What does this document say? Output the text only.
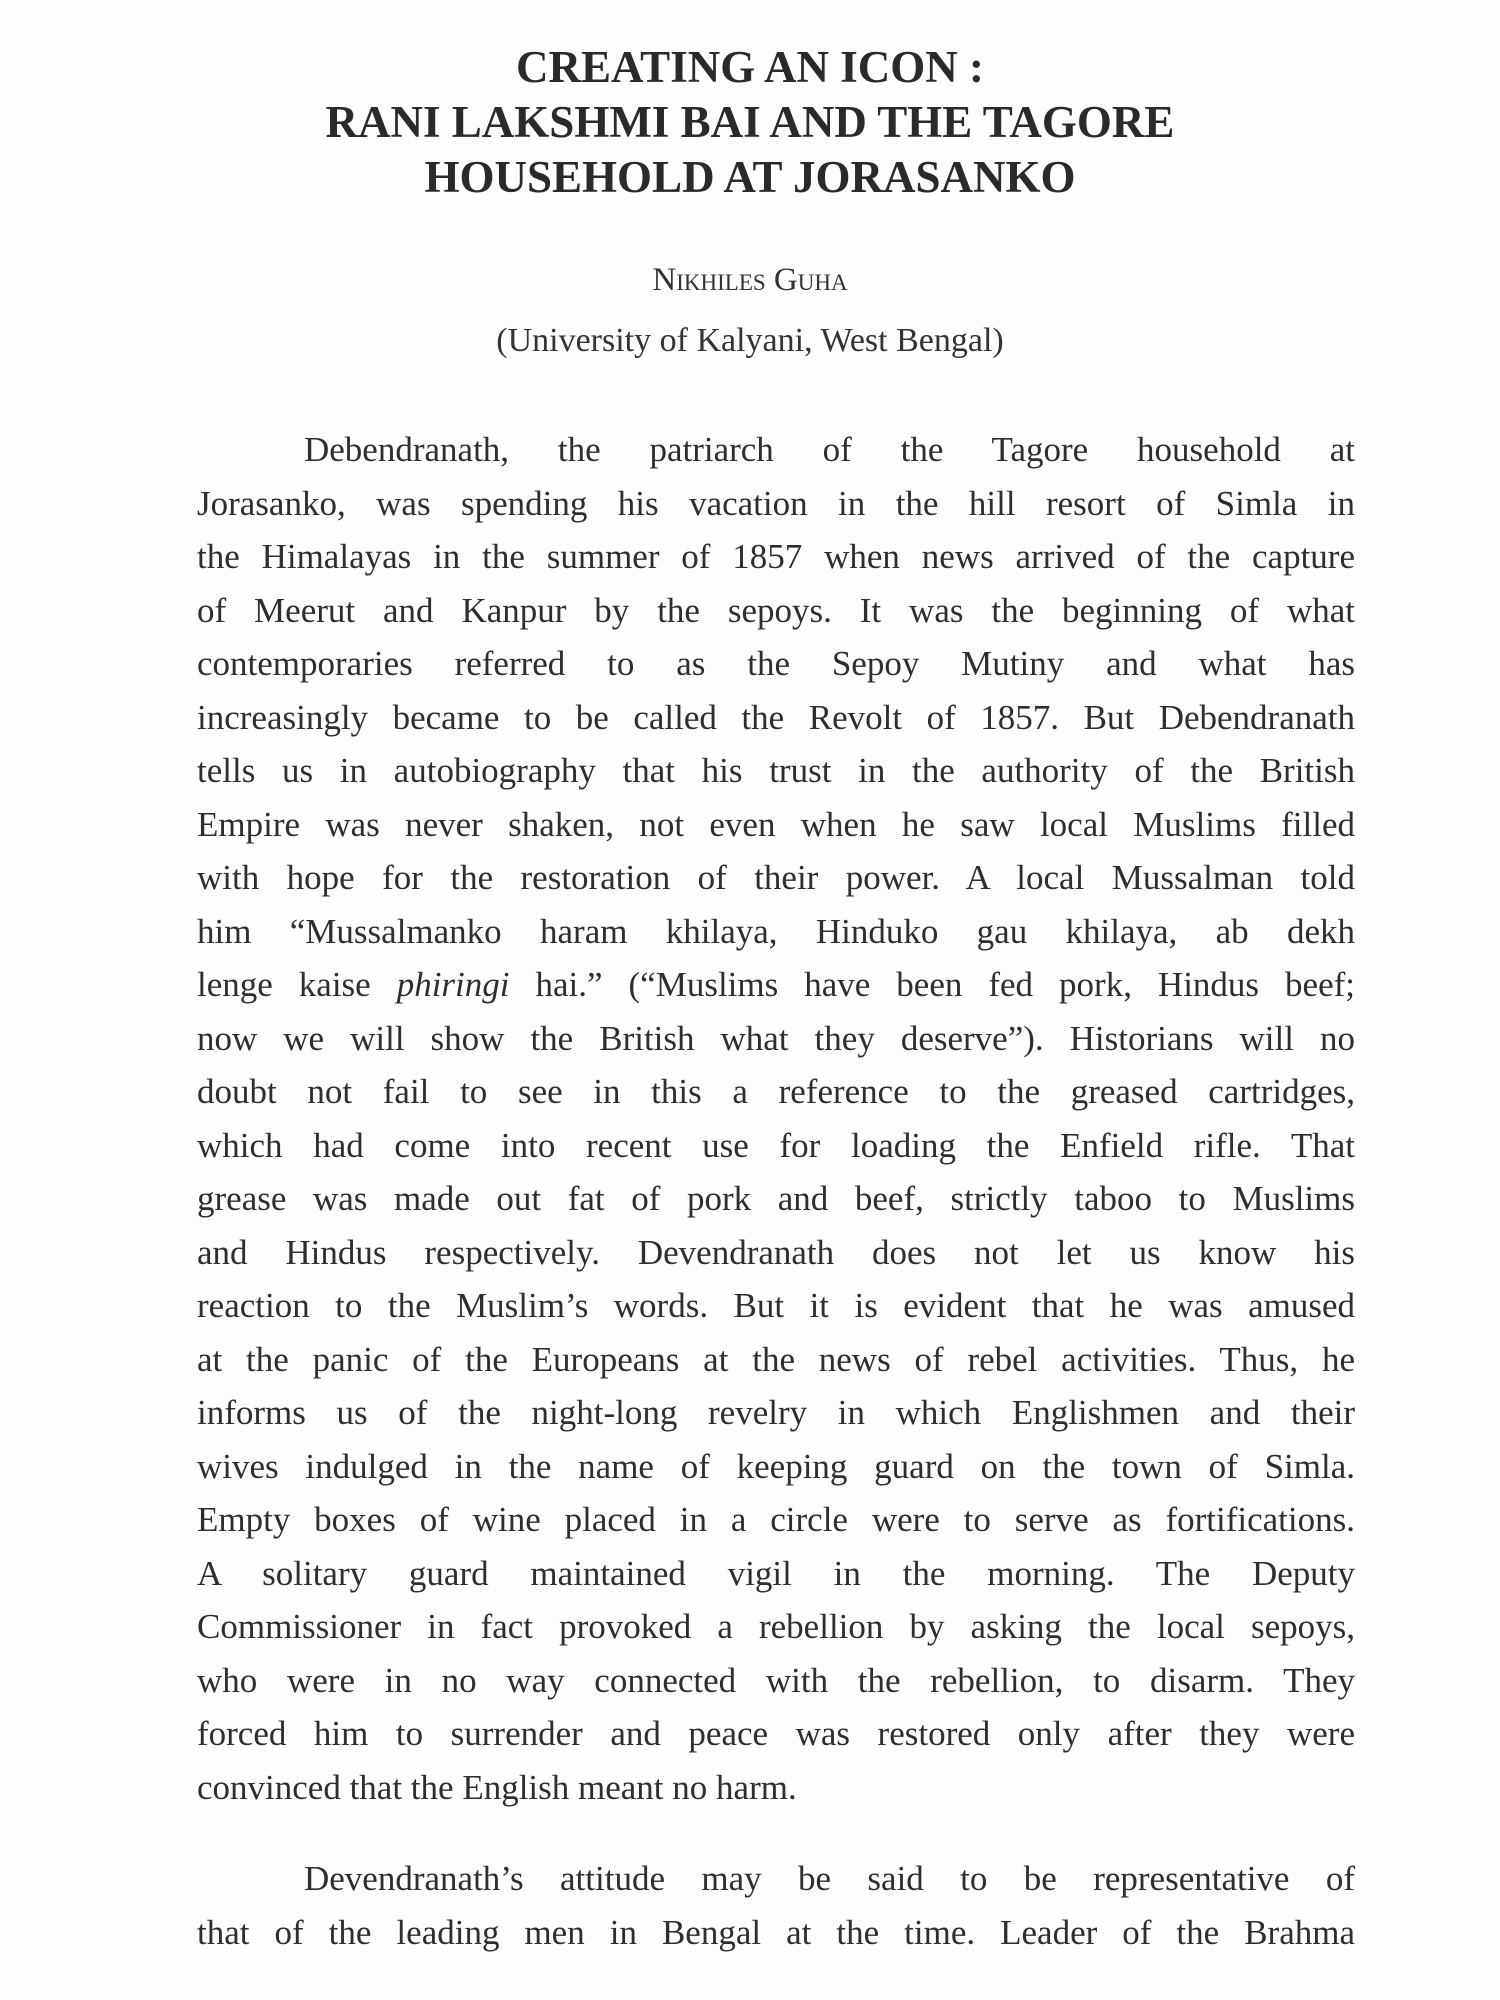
CREATING AN ICON :
RANI LAKSHMI BAI AND THE TAGORE
HOUSEHOLD AT JORASANKO
Nikhiles Guha
(University of Kalyani, West Bengal)
Debendranath, the patriarch of the Tagore household at
Jorasanko, was spending his vacation in the hill resort of Simla in
the Himalayas in the summer of 1857 when news arrived of the capture
of Meerut and Kanpur by the sepoys. It was the beginning of what
contemporaries referred to as the Sepoy Mutiny and what has
increasingly became to be called the Revolt of 1857. But Debendranath
tells us in autobiography that his trust in the authority of the British
Empire was never shaken, not even when he saw local Muslims filled
with hope for the restoration of their power. A local Mussalman told
him “Mussalmanko haram khilaya, Hinduko gau khilaya, ab dekh
lenge kaise phiringi hai.” (“Muslims have been fed pork, Hindus beef;
now we will show the British what they deserve”). Historians will no
doubt not fail to see in this a reference to the greased cartridges,
which had come into recent use for loading the Enfield rifle. That
grease was made out fat of pork and beef, strictly taboo to Muslims
and Hindus respectively. Devendranath does not let us know his
reaction to the Muslim’s words. But it is evident that he was amused
at the panic of the Europeans at the news of rebel activities. Thus, he
informs us of the night-long revelry in which Englishmen and their
wives indulged in the name of keeping guard on the town of Simla.
Empty boxes of wine placed in a circle were to serve as fortifications.
A solitary guard maintained vigil in the morning. The Deputy
Commissioner in fact provoked a rebellion by asking the local sepoys,
who were in no way connected with the rebellion, to disarm. They
forced him to surrender and peace was restored only after they were
convinced that the English meant no harm.
Devendranath’s attitude may be said to be representative of
that of the leading men in Bengal at the time. Leader of the Brahma
